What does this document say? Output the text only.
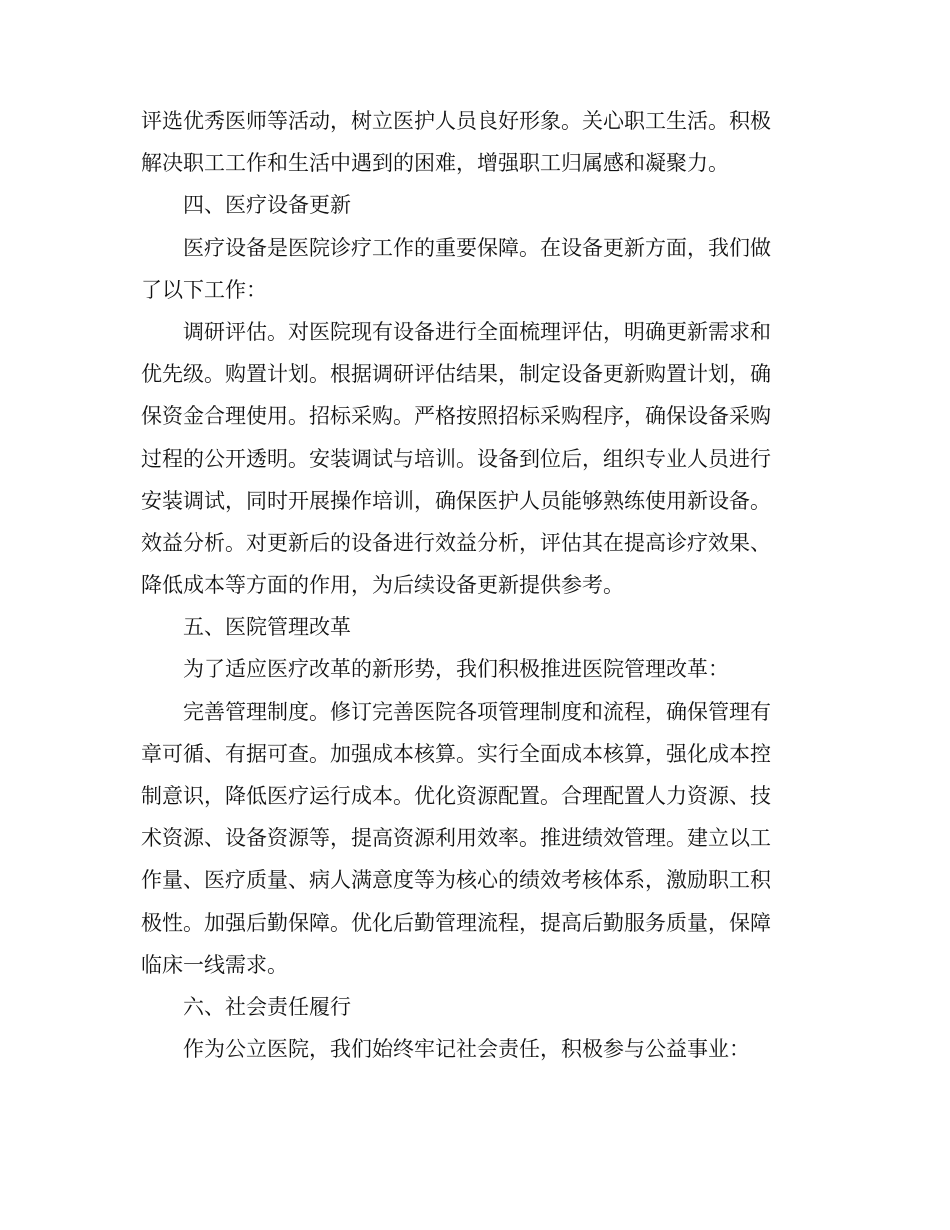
评选优秀医师等活动，树立医护人员良好形象。关心职工生活。积极
解决职工工作和生活中遇到的困难，增强职工归属感和凝聚力。
四、医疗设备更新
医疗设备是医院诊疗工作的重要保障。在设备更新方面，我们做
了以下工作：
调研评估。对医院现有设备进行全面梳理评估，明确更新需求和
优先级。购置计划。根据调研评估结果，制定设备更新购置计划，确
保资金合理使用。招标采购。严格按照招标采购程序，确保设备采购
过程的公开透明。安装调试与培训。设备到位后，组织专业人员进行
安装调试，同时开展操作培训，确保医护人员能够熟练使用新设备。
效益分析。对更新后的设备进行效益分析，评估其在提高诊疗效果、
降低成本等方面的作用，为后续设备更新提供参考。
五、医院管理改革
为了适应医疗改革的新形势，我们积极推进医院管理改革：
完善管理制度。修订完善医院各项管理制度和流程，确保管理有
章可循、有据可查。加强成本核算。实行全面成本核算，强化成本控
制意识，降低医疗运行成本。优化资源配置。合理配置人力资源、技
术资源、设备资源等，提高资源利用效率。推进绩效管理。建立以工
作量、医疗质量、病人满意度等为核心的绩效考核体系，激励职工积
极性。加强后勤保障。优化后勤管理流程，提高后勤服务质量，保障
临床一线需求。
六、社会责任履行
作为公立医院，我们始终牢记社会责任，积极参与公益事业：
